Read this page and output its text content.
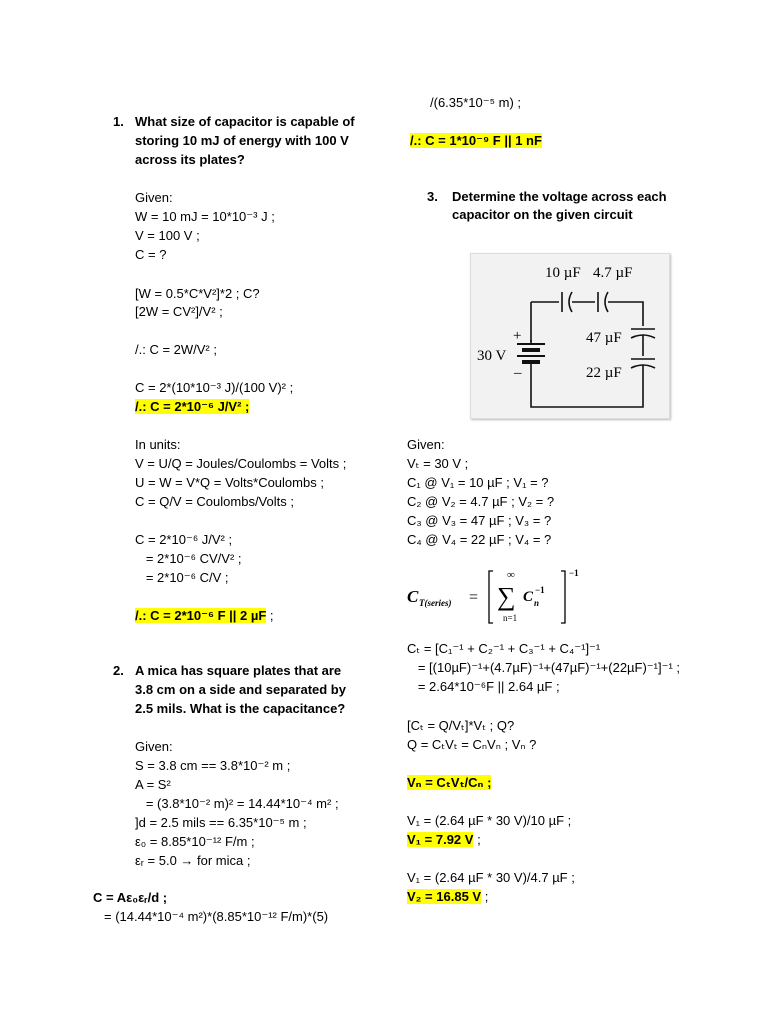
1. What size of capacitor is capable of
storing 10 mJ of energy with 100 V
across its plates?
Given:
W = 10 mJ = 10*10⁻³ J ;
V = 100 V ;
C = ?
[W = 0.5*C*V²]*2 ; C?
[2W = CV²]/V² ;
/.: C = 2W/V² ;
C = 2*(10*10⁻³ J)/(100 V)² ;
/.: C = 2*10⁻⁶ J/V² ;
In units:
V = U/Q = Joules/Coulombs = Volts ;
U = W = V*Q = Volts*Coulombs ;
C = Q/V = Coulombs/Volts ;
C = 2*10⁻⁶ J/V² ;
= 2*10⁻⁶ CV/V² ;
= 2*10⁻⁶ C/V ;
/.: C = 2*10⁻⁶ F || 2 µF ;
2. A mica has square plates that are
3.8 cm on a side and separated by
2.5 mils. What is the capacitance?
Given:
S = 3.8 cm == 3.8*10⁻² m ;
A = S²
= (3.8*10⁻² m)² = 14.44*10⁻⁴ m² ;
]d = 2.5 mils == 6.35*10⁻⁵ m ;
ε₀ = 8.85*10⁻¹² F/m ;
εᵣ = 5.0 → for mica ;
C = Aε₀εᵣ/d ;
= (14.44*10⁻⁴ m²)*(8.85*10⁻¹² F/m)*(5)
/(6.35*10⁻⁵ m) ;
/.: C = 1*10⁻⁹ F || 1 nF
3. Determine the voltage across each
capacitor on the given circuit
10 µF 4.7 µF
47 µF
22 µF
30 V
+
–
Given:
Vₜ = 30 V ;
C₁ @ V₁ = 10 µF ; V₁ = ?
C₂ @ V₂ = 4.7 µF ; V₂ = ?
C₃ @ V₃ = 47 µF ; V₃ = ?
C₄ @ V₄ = 22 µF ; V₄ = ?
C T(series) =
∞
∑
n=1
C n
−1
−1
Cₜ = [C₁⁻¹ + C₂⁻¹ + C₃⁻¹ + C₄⁻¹]⁻¹
= [(10µF)⁻¹+(4.7µF)⁻¹+(47µF)⁻¹+(22µF)⁻¹]⁻¹ ;
= 2.64*10⁻⁶F || 2.64 µF ;
[Cₜ = Q/Vₜ]*Vₜ ; Q?
Q = CₜVₜ = CₙVₙ ; Vₙ ?
Vₙ = CₜVₜ/Cₙ ;
V₁ = (2.64 µF * 30 V)/10 µF ;
V₁ = 7.92 V ;
V₁ = (2.64 µF * 30 V)/4.7 µF ;
V₂ = 16.85 V ;
